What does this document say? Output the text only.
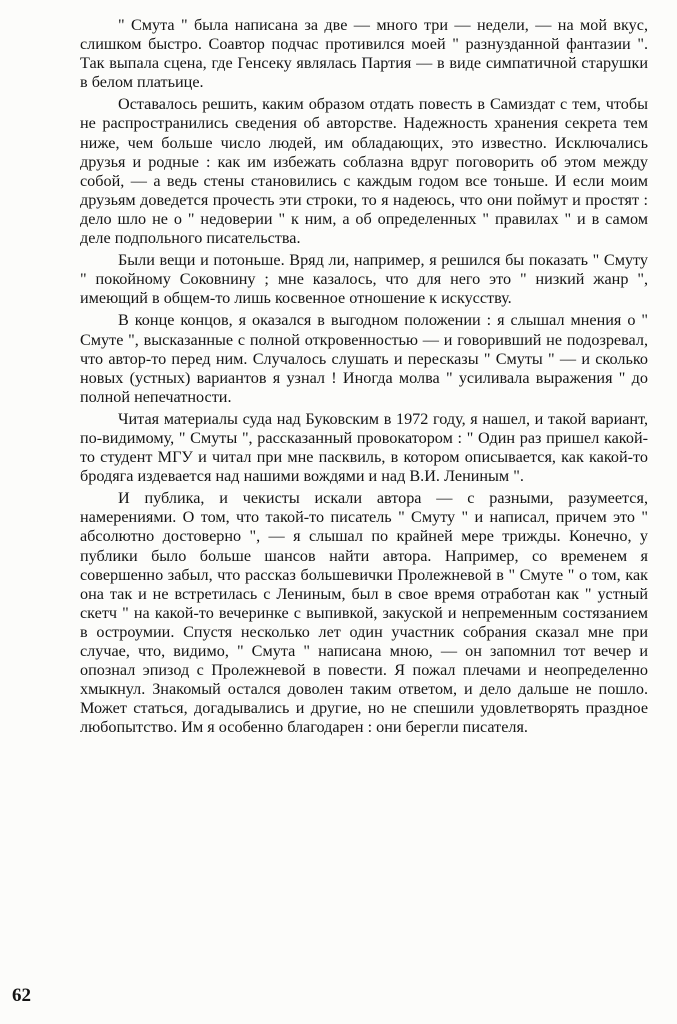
" Смута " была написана за две — много три — недели, — на мой вкус, слишком быстро. Соавтор подчас противился моей " разнузданной фантазии ". Так выпала сцена, где Генсеку являлась Партия — в виде симпатичной старушки в белом платьице.

Оставалось решить, каким образом отдать повесть в Самиздат с тем, чтобы не распространились сведения об авторстве. Надежность хранения секрета тем ниже, чем больше число людей, им обладающих, это известно. Исключались друзья и родные : как им избежать соблазна вдруг поговорить об этом между собой, — а ведь стены становились с каждым годом все тоньше. И если моим друзьям доведется прочесть эти строки, то я надеюсь, что они поймут и простят : дело шло не о " недоверии " к ним, а об определенных " правилах " и в самом деле подпольного писательства.

Были вещи и потоньше. Вряд ли, например, я решился бы показать " Смуту " покойному Соковнину ; мне казалось, что для него это " низкий жанр ", имеющий в общем-то лишь косвенное отношение к искусству.

В конце концов, я оказался в выгодном положении : я слышал мнения о " Смуте ", высказанные с полной откровенностью — и говоривший не подозревал, что автор-то перед ним. Случалось слушать и пересказы " Смуты " — и сколько новых (устных) вариантов я узнал ! Иногда молва " усиливала выражения " до полной непечатности.

Читая материалы суда над Буковским в 1972 году, я нашел, и такой вариант, по-видимому, " Смуты ", рассказанный провокатором : " Один раз пришел какой-то студент МГУ и читал при мне пасквиль, в котором описывается, как какой-то бродяга издевается над нашими вождями и над В.И. Лениным ".

И публика, и чекисты искали автора — с разными, разумеется, намерениями. О том, что такой-то писатель " Смуту " и написал, причем это " абсолютно достоверно ", — я слышал по крайней мере трижды. Конечно, у публики было больше шансов найти автора. Например, со временем я совершенно забыл, что рассказ большевички Пролежневой в " Смуте " о том, как она так и не встретилась с Лениным, был в свое время отработан как " устный скетч " на какой-то вечеринке с выпивкой, закуской и непременным состязанием в остроумии. Спустя несколько лет один участник собрания сказал мне при случае, что, видимо, " Смута " написана мною, — он запомнил тот вечер и опознал эпизод с Пролежневой в повести. Я пожал плечами и неопределенно хмыкнул. Знакомый остался доволен таким ответом, и дело дальше не пошло. Может статься, догадывались и другие, но не спешили удовлетворять праздное любопытство. Им я особенно благодарен : они берегли писателя.

62
